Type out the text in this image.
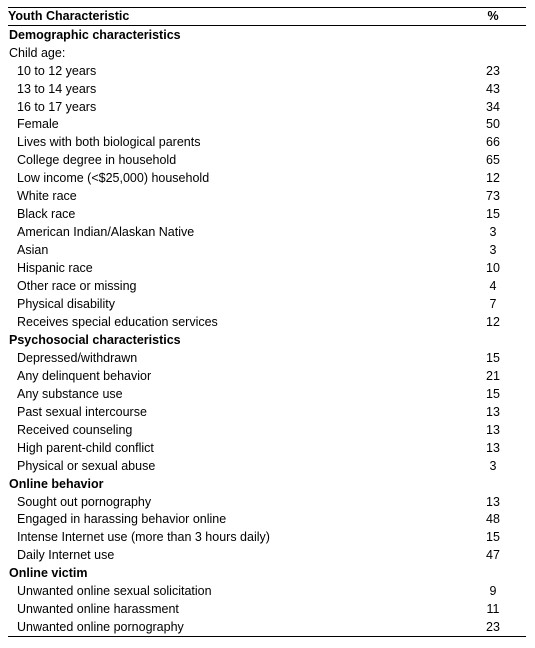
Youth Characteristic	%
Demographic characteristics
Child age:
10 to 12 years	23
13 to 14 years	43
16 to 17 years	34
Female	50
Lives with both biological parents	66
College degree in household	65
Low income (<$25,000) household	12
White race	73
Black race	15
American Indian/Alaskan Native	3
Asian	3
Hispanic race	10
Other race or missing	4
Physical disability	7
Receives special education services	12
Psychosocial characteristics
Depressed/withdrawn	15
Any delinquent behavior	21
Any substance use	15
Past sexual intercourse	13
Received counseling	13
High parent-child conflict	13
Physical or sexual abuse	3
Online behavior
Sought out pornography	13
Engaged in harassing behavior online	48
Intense Internet use (more than 3 hours daily)	15
Daily Internet use	47
Online victim
Unwanted online sexual solicitation	9
Unwanted online harassment	11
Unwanted online pornography	23
